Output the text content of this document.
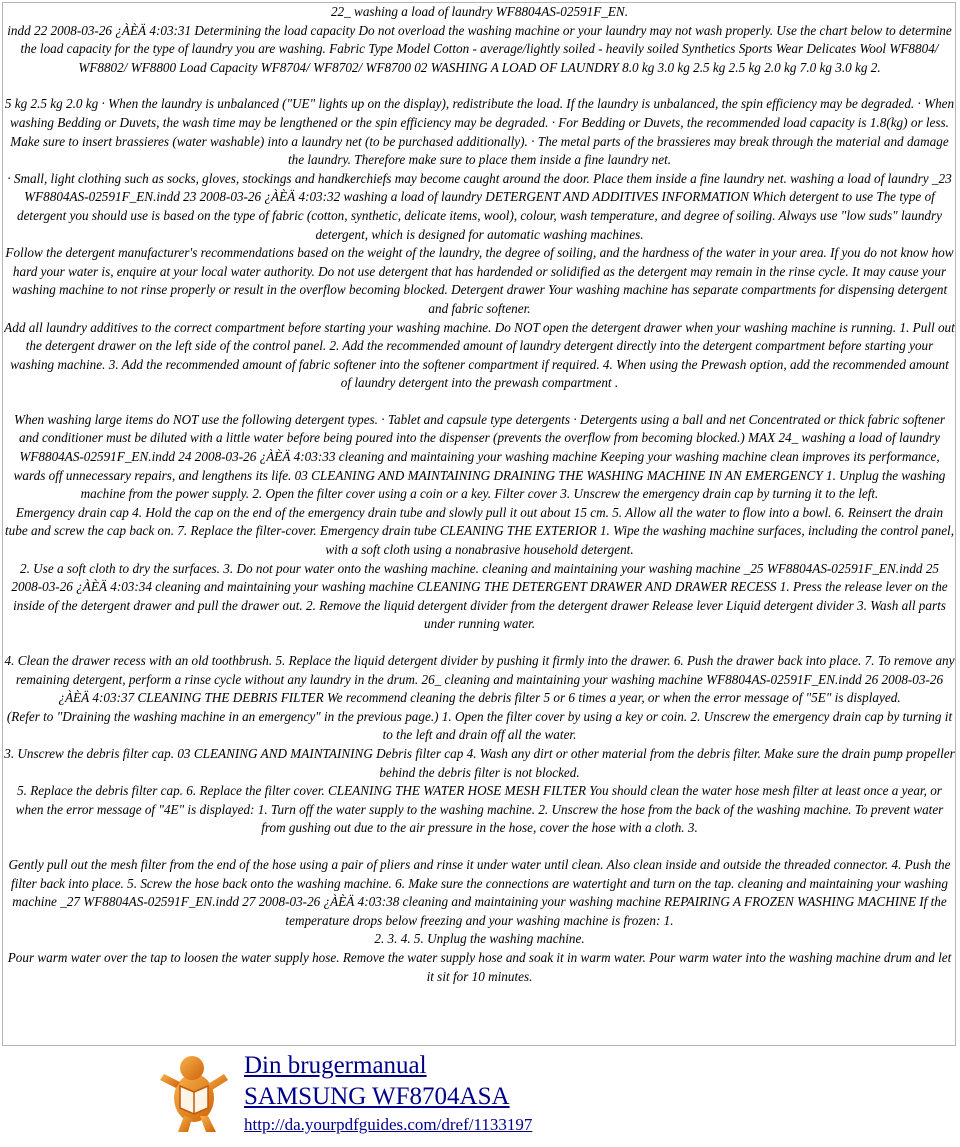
22_ washing a load of laundry WF8804AS-02591F_EN.

indd 22 2008-03-26 ¿ÀÈÄ 4:03:31 Determining the load capacity Do not overload the washing machine or your laundry may not wash properly. Use the chart below to determine the load capacity for the type of laundry you are washing. Fabric Type Model Cotton - average/lightly soiled - heavily soiled Synthetics Sports Wear Delicates Wool WF8804/ WF8802/ WF8800 Load Capacity WF8704/ WF8702/ WF8700 02 WASHING A LOAD OF LAUNDRY 8.0 kg 3.0 kg 2.5 kg 2.5 kg 2.0 kg 7.0 kg 3.0 kg 2.

5 kg 2.5 kg 2.0 kg · When the laundry is unbalanced ("UE" lights up on the display), redistribute the load. If the laundry is unbalanced, the spin efficiency may be degraded. · When washing Bedding or Duvets, the wash time may be lengthened or the spin efficiency may be degraded. · For Bedding or Duvets, the recommended load capacity is 1.8(kg) or less. Make sure to insert brassieres (water washable) into a laundry net (to be purchased additionally). · The metal parts of the brassieres may break through the material and damage the laundry. Therefore make sure to place them inside a fine laundry net.

· Small, light clothing such as socks, gloves, stockings and handkerchiefs may become caught around the door. Place them inside a fine laundry net. washing a load of laundry _23 WF8804AS-02591F_EN.indd 23 2008-03-26 ¿ÀÈÄ 4:03:32 washing a load of laundry DETERGENT AND ADDITIVES INFORMATION Which detergent to use The type of detergent you should use is based on the type of fabric (cotton, synthetic, delicate items, wool), colour, wash temperature, and degree of soiling. Always use "low suds" laundry detergent, which is designed for automatic washing machines.

Follow the detergent manufacturer's recommendations based on the weight of the laundry, the degree of soiling, and the hardness of the water in your area. If you do not know how hard your water is, enquire at your local water authority. Do not use detergent that has hardended or solidified as the detergent may remain in the rinse cycle. It may cause your washing machine to not rinse properly or result in the overflow becoming blocked. Detergent drawer Your washing machine has separate compartments for dispensing detergent and fabric softener.

Add all laundry additives to the correct compartment before starting your washing machine. Do NOT open the detergent drawer when your washing machine is running. 1. Pull out the detergent drawer on the left side of the control panel. 2. Add the recommended amount of laundry detergent directly into the detergent compartment before starting your washing machine. 3. Add the recommended amount of fabric softener into the softener compartment if required. 4. When using the Prewash option, add the recommended amount of laundry detergent into the prewash compartment .

When washing large items do NOT use the following detergent types. · Tablet and capsule type detergents · Detergents using a ball and net Concentrated or thick fabric softener and conditioner must be diluted with a little water before being poured into the dispenser (prevents the overflow from becoming blocked.) MAX 24_ washing a load of laundry WF8804AS-02591F_EN.indd 24 2008-03-26 ¿ÀÈÄ 4:03:33 cleaning and maintaining your washing machine Keeping your washing machine clean improves its performance, wards off unnecessary repairs, and lengthens its life. 03 CLEANING AND MAINTAINING DRAINING THE WASHING MACHINE IN AN EMERGENCY 1. Unplug the washing machine from the power supply. 2. Open the filter cover using a coin or a key. Filter cover 3. Unscrew the emergency drain cap by turning it to the left.

Emergency drain cap 4. Hold the cap on the end of the emergency drain tube and slowly pull it out about 15 cm. 5. Allow all the water to flow into a bowl. 6. Reinsert the drain tube and screw the cap back on. 7. Replace the filter-cover. Emergency drain tube CLEANING THE EXTERIOR 1. Wipe the washing machine surfaces, including the control panel, with a soft cloth using a nonabrasive household detergent.

2. Use a soft cloth to dry the surfaces. 3. Do not pour water onto the washing machine. cleaning and maintaining your washing machine _25 WF8804AS-02591F_EN.indd 25 2008-03-26 ¿ÀÈÄ 4:03:34 cleaning and maintaining your washing machine CLEANING THE DETERGENT DRAWER AND DRAWER RECESS 1. Press the release lever on the inside of the detergent drawer and pull the drawer out. 2. Remove the liquid detergent divider from the detergent drawer Release lever Liquid detergent divider 3. Wash all parts under running water.

4. Clean the drawer recess with an old toothbrush. 5. Replace the liquid detergent divider by pushing it firmly into the drawer. 6. Push the drawer back into place. 7. To remove any remaining detergent, perform a rinse cycle without any laundry in the drum. 26_ cleaning and maintaining your washing machine WF8804AS-02591F_EN.indd 26 2008-03-26 ¿ÀÈÄ 4:03:37 CLEANING THE DEBRIS FILTER We recommend cleaning the debris filter 5 or 6 times a year, or when the error message of "5E" is displayed.

(Refer to "Draining the washing machine in an emergency" in the previous page.) 1. Open the filter cover by using a key or coin. 2. Unscrew the emergency drain cap by turning it to the left and drain off all the water.

3. Unscrew the debris filter cap. 03 CLEANING AND MAINTAINING Debris filter cap 4. Wash any dirt or other material from the debris filter. Make sure the drain pump propeller behind the debris filter is not blocked.

5. Replace the debris filter cap. 6. Replace the filter cover. CLEANING THE WATER HOSE MESH FILTER You should clean the water hose mesh filter at least once a year, or when the error message of "4E" is displayed: 1. Turn off the water supply to the washing machine. 2. Unscrew the hose from the back of the washing machine. To prevent water from gushing out due to the air pressure in the hose, cover the hose with a cloth. 3.

Gently pull out the mesh filter from the end of the hose using a pair of pliers and rinse it under water until clean. Also clean inside and outside the threaded connector. 4. Push the filter back into place. 5. Screw the hose back onto the washing machine. 6. Make sure the connections are watertight and turn on the tap. cleaning and maintaining your washing machine _27 WF8804AS-02591F_EN.indd 27 2008-03-26 ¿ÀÈÄ 4:03:38 cleaning and maintaining your washing machine REPAIRING A FROZEN WASHING MACHINE If the temperature drops below freezing and your washing machine is frozen: 1.

2. 3. 4. 5. Unplug the washing machine.

Pour warm water over the tap to loosen the water supply hose. Remove the water supply hose and soak it in warm water. Pour warm water into the washing machine drum and let it sit for 10 minutes.

Din brugermanual
SAMSUNG WF8704ASA
http://da.yourpdfguides.com/dref/1133197
